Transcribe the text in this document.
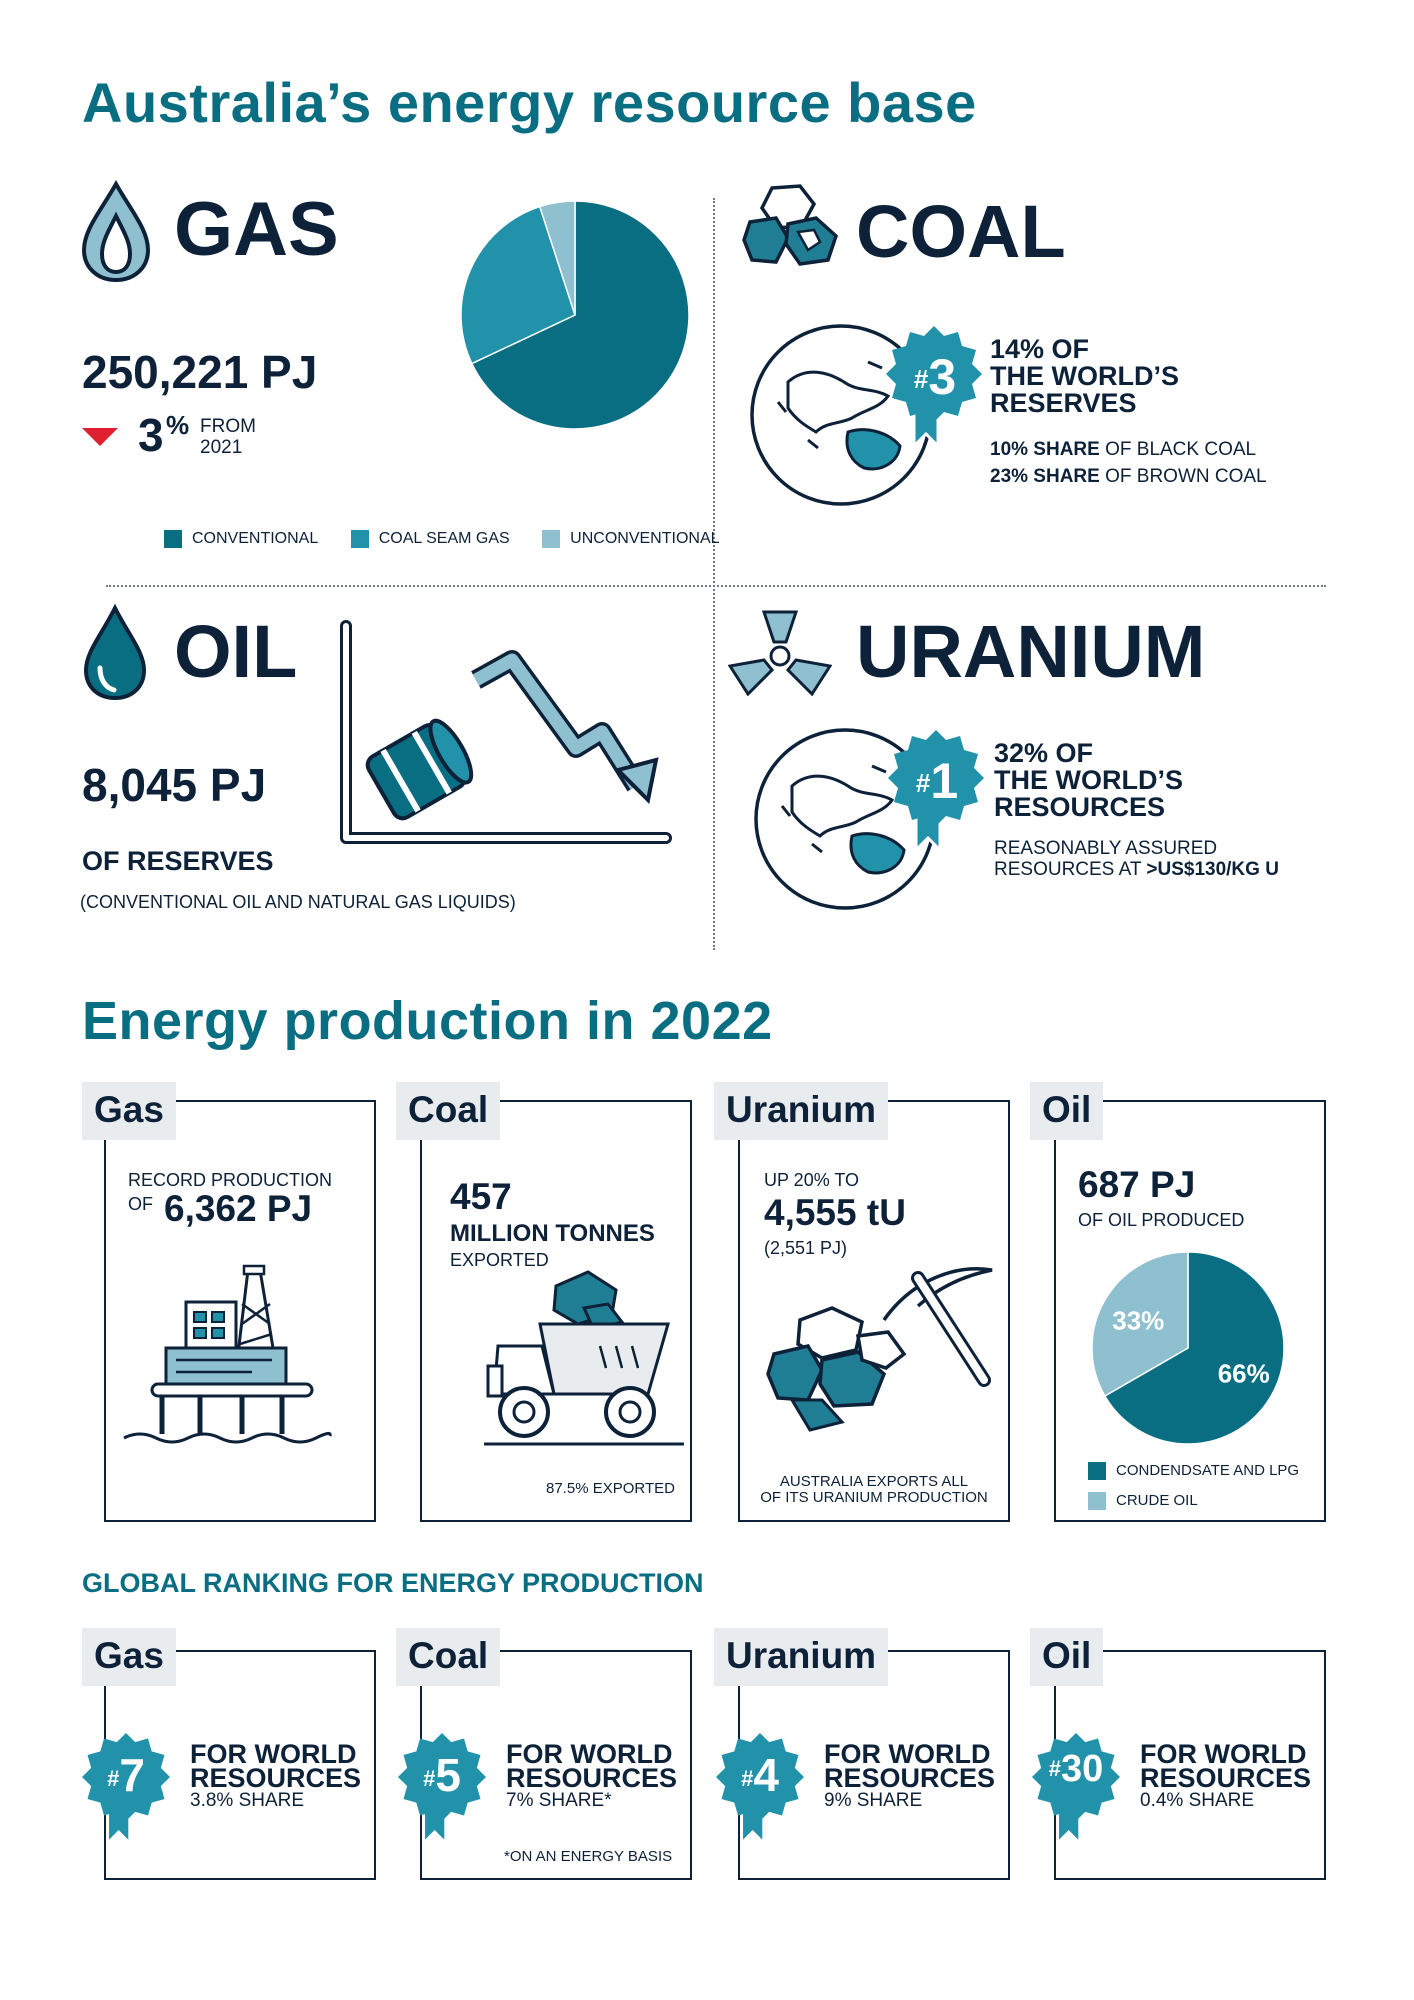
Australia’s energy resource base
GAS
250,221 PJ
3 % FROM
2021
CONVENTIONAL	COAL SEAM GAS	UNCONVENTIONAL
COAL
#3	14% OF
THE WORLD’S
RESERVES
10% SHARE OF BLACK COAL
23% SHARE OF BROWN COAL
OIL
8,045 PJ
OF RESERVES
(CONVENTIONAL OIL AND NATURAL GAS LIQUIDS)
URANIUM
#1	32% OF
THE WORLD’S
RESOURCES
REASONABLY ASSURED
RESOURCES AT >US$130/KG U
Energy production in 2022
Gas
RECORD PRODUCTION
OF 6,362 PJ
Coal
457
MILLION TONNES
EXPORTED
87.5% EXPORTED
Uranium
UP 20% TO
4,555 tU
(2,551 PJ)
AUSTRALIA EXPORTS ALL
OF ITS URANIUM PRODUCTION
Oil
687 PJ
OF OIL PRODUCED
66%
33%
CONDENDSATE AND LPG
CRUDE OIL
GLOBAL RANKING FOR ENERGY PRODUCTION
Gas
#7	FOR WORLD
RESOURCES
3.8% SHARE
Coal
#5	FOR WORLD
RESOURCES
7% SHARE*
*ON AN ENERGY BASIS
Uranium
#4	FOR WORLD
RESOURCES
9% SHARE
Oil
#30	FOR WORLD
RESOURCES
0.4% SHARE
